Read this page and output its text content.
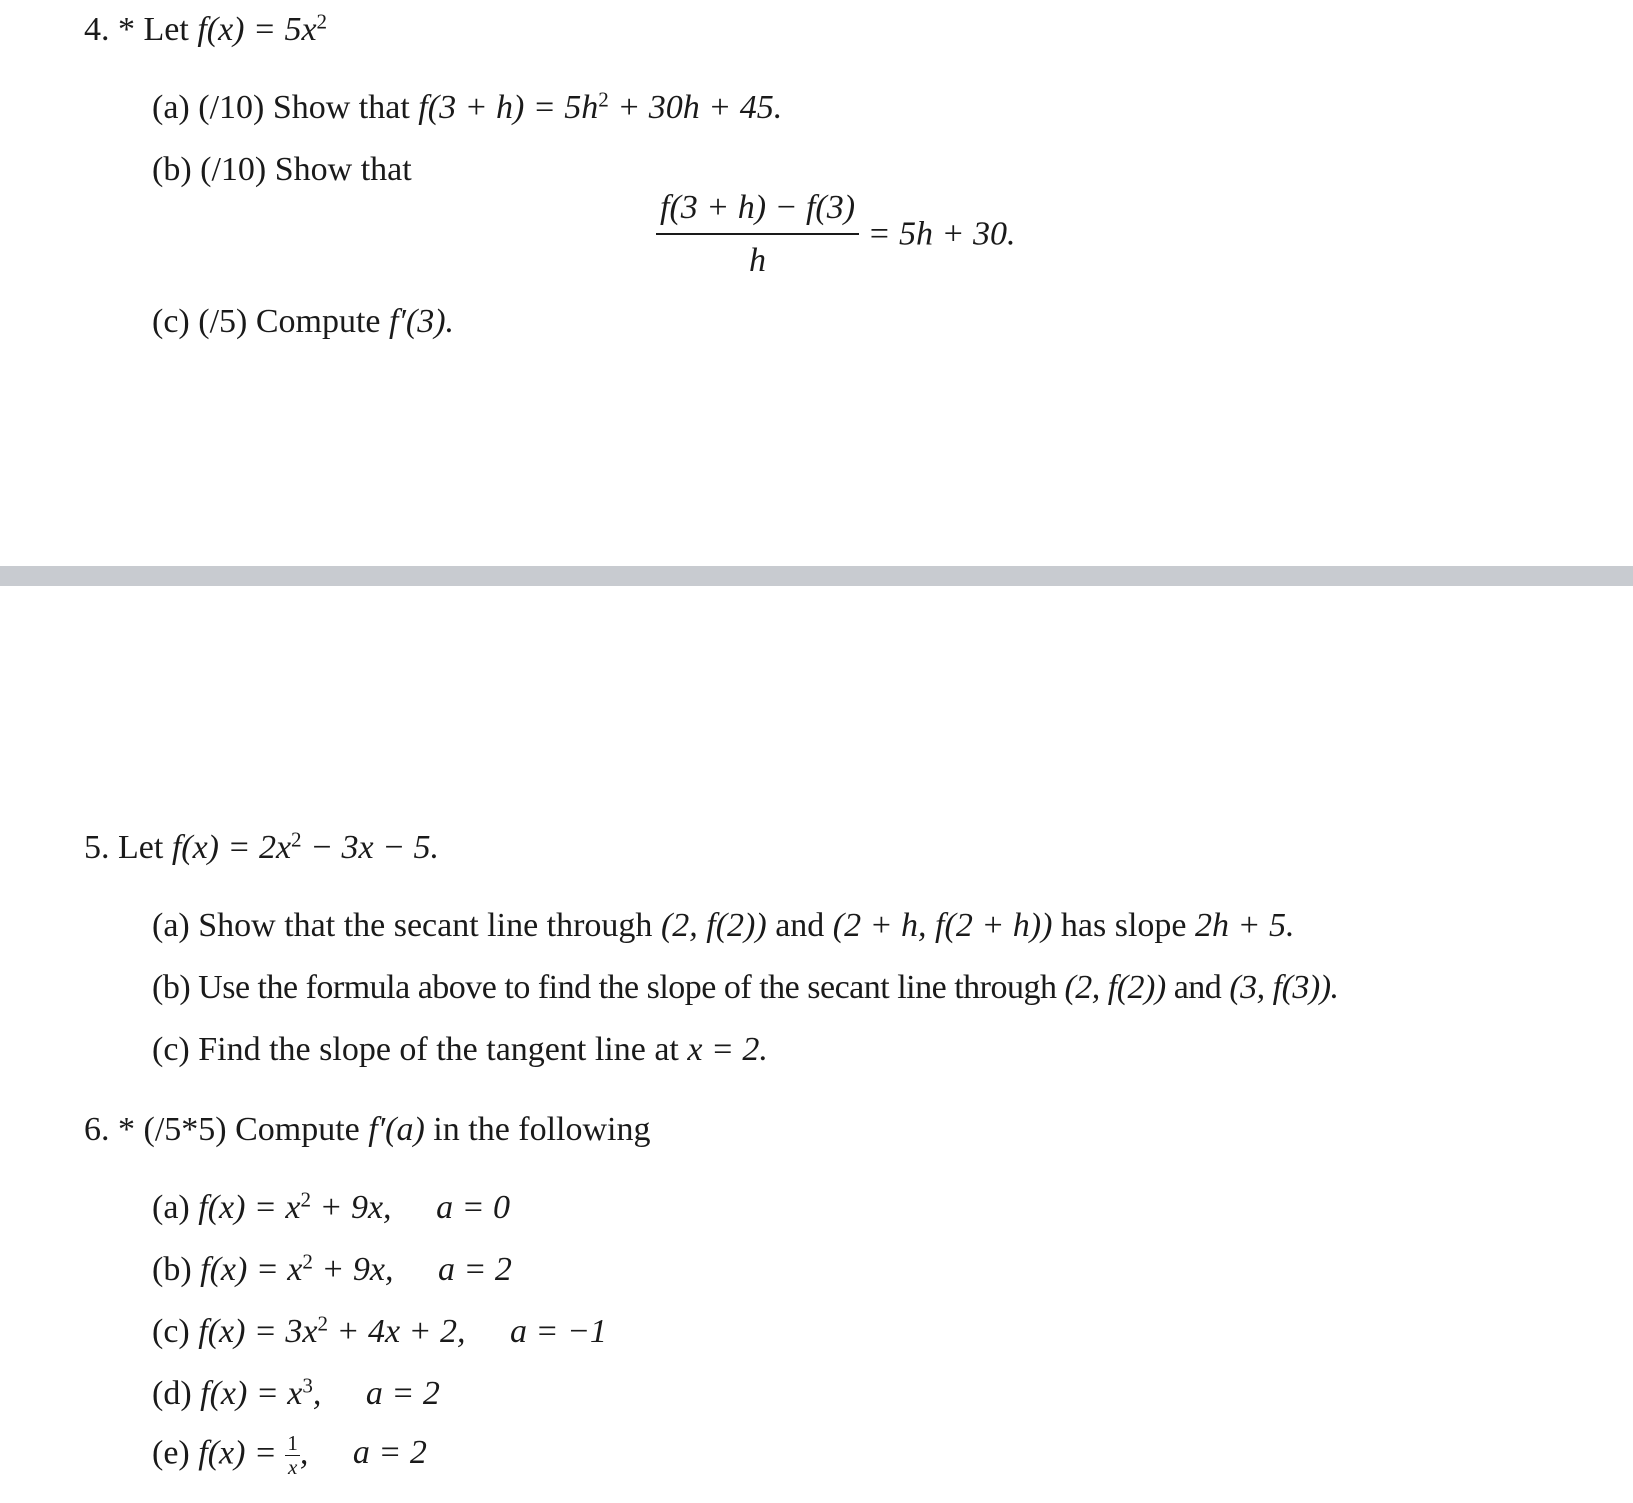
4. * Let $f(x) = 5x^2$
(a) (/10) Show that $f(3 + h) = 5h^2 + 30h + 45$.
(b) (/10) Show that
$\frac{f(3 + h) - f(3)}{h} = 5h + 30$.
(c) (/5) Compute f′(3).
5. Let $f(x) = 2x^2 - 3x - 5$.
(a) Show that the secant line through (2, f(2)) and (2 + h, f(2 + h)) has slope 2h + 5.
(b) Use the formula above to find the slope of the secant line through (2, f(2)) and (3, f(3)).
(c) Find the slope of the tangent line at x = 2.
6. * (/5*5) Compute f′(a) in the following
(a) $f(x) = x^2 + 9x$, a = 0
(b) $f(x) = x^2 + 9x$, a = 2
(c) $f(x) = 3x^2 + 4x + 2$, a = −1
(d) $f(x) = x^3$, a = 2
(e) $f(x) = \frac{1}{x}$ , a = 2
